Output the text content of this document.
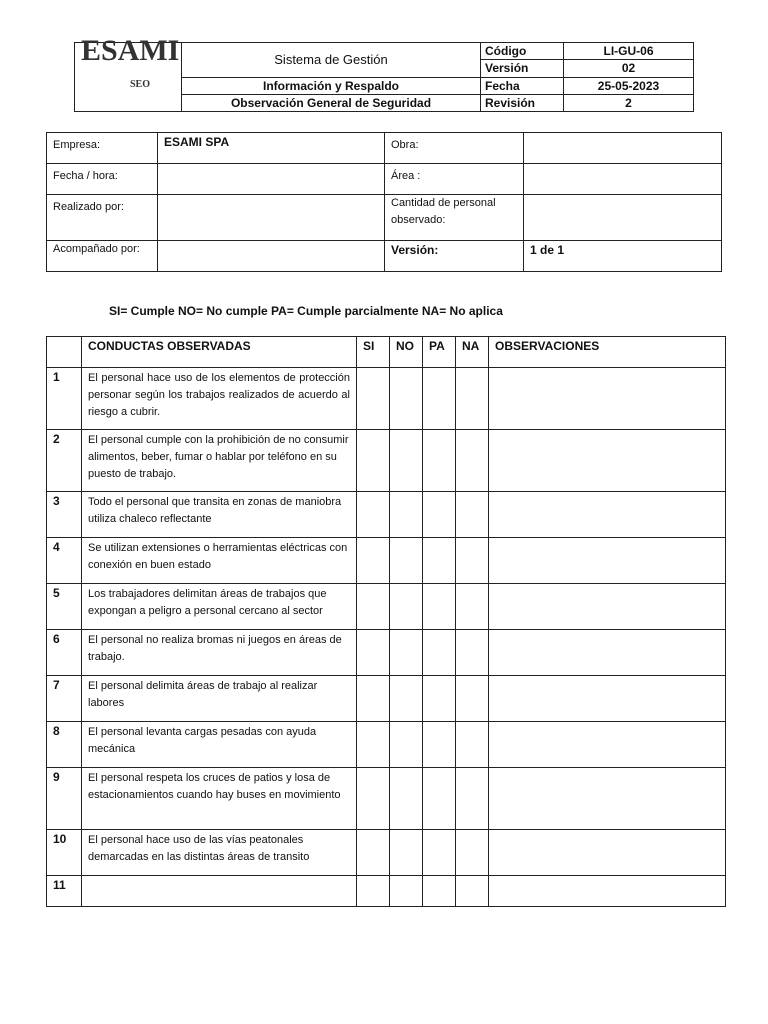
ESAMI
SEO	Sistema de Gestión	Código	LI-GU-06
		Versión	02
	Información y Respaldo	Fecha	25-05-2023
	Observación General de Seguridad	Revisión	2
Empresa:	ESAMI SPA	Obra:	
Fecha / hora:		Área :	
Realizado por:		Cantidad de personal observado:	
Acompañado por:		Versión:	1 de 1
SI= Cumple NO= No cumple PA= Cumple parcialmente NA= No aplica
	CONDUCTAS OBSERVADAS	SI	NO	PA	NA	OBSERVACIONES
1	El personal hace uso de los elementos de protección personar según los trabajos realizados de acuerdo al riesgo a cubrir.					
2	El personal cumple con la prohibición de no consumir alimentos, beber, fumar o hablar por teléfono en su puesto de trabajo.					
3	Todo el personal que transita en zonas de maniobra utiliza chaleco reflectante					
4	Se utilizan extensiones o herramientas eléctricas con conexión en buen estado					
5	Los trabajadores delimitan áreas de trabajos que expongan a peligro a personal cercano al sector					
6	El personal no realiza bromas ni juegos en áreas de trabajo.					
7	El personal delimita áreas de trabajo al realizar labores					
8	El personal levanta cargas pesadas con ayuda mecánica					
9	El personal respeta los cruces de patios y losa de estacionamientos cuando hay buses en movimiento					
10	El personal hace uso de las vías peatonales demarcadas en las distintas áreas de transito					
11						
